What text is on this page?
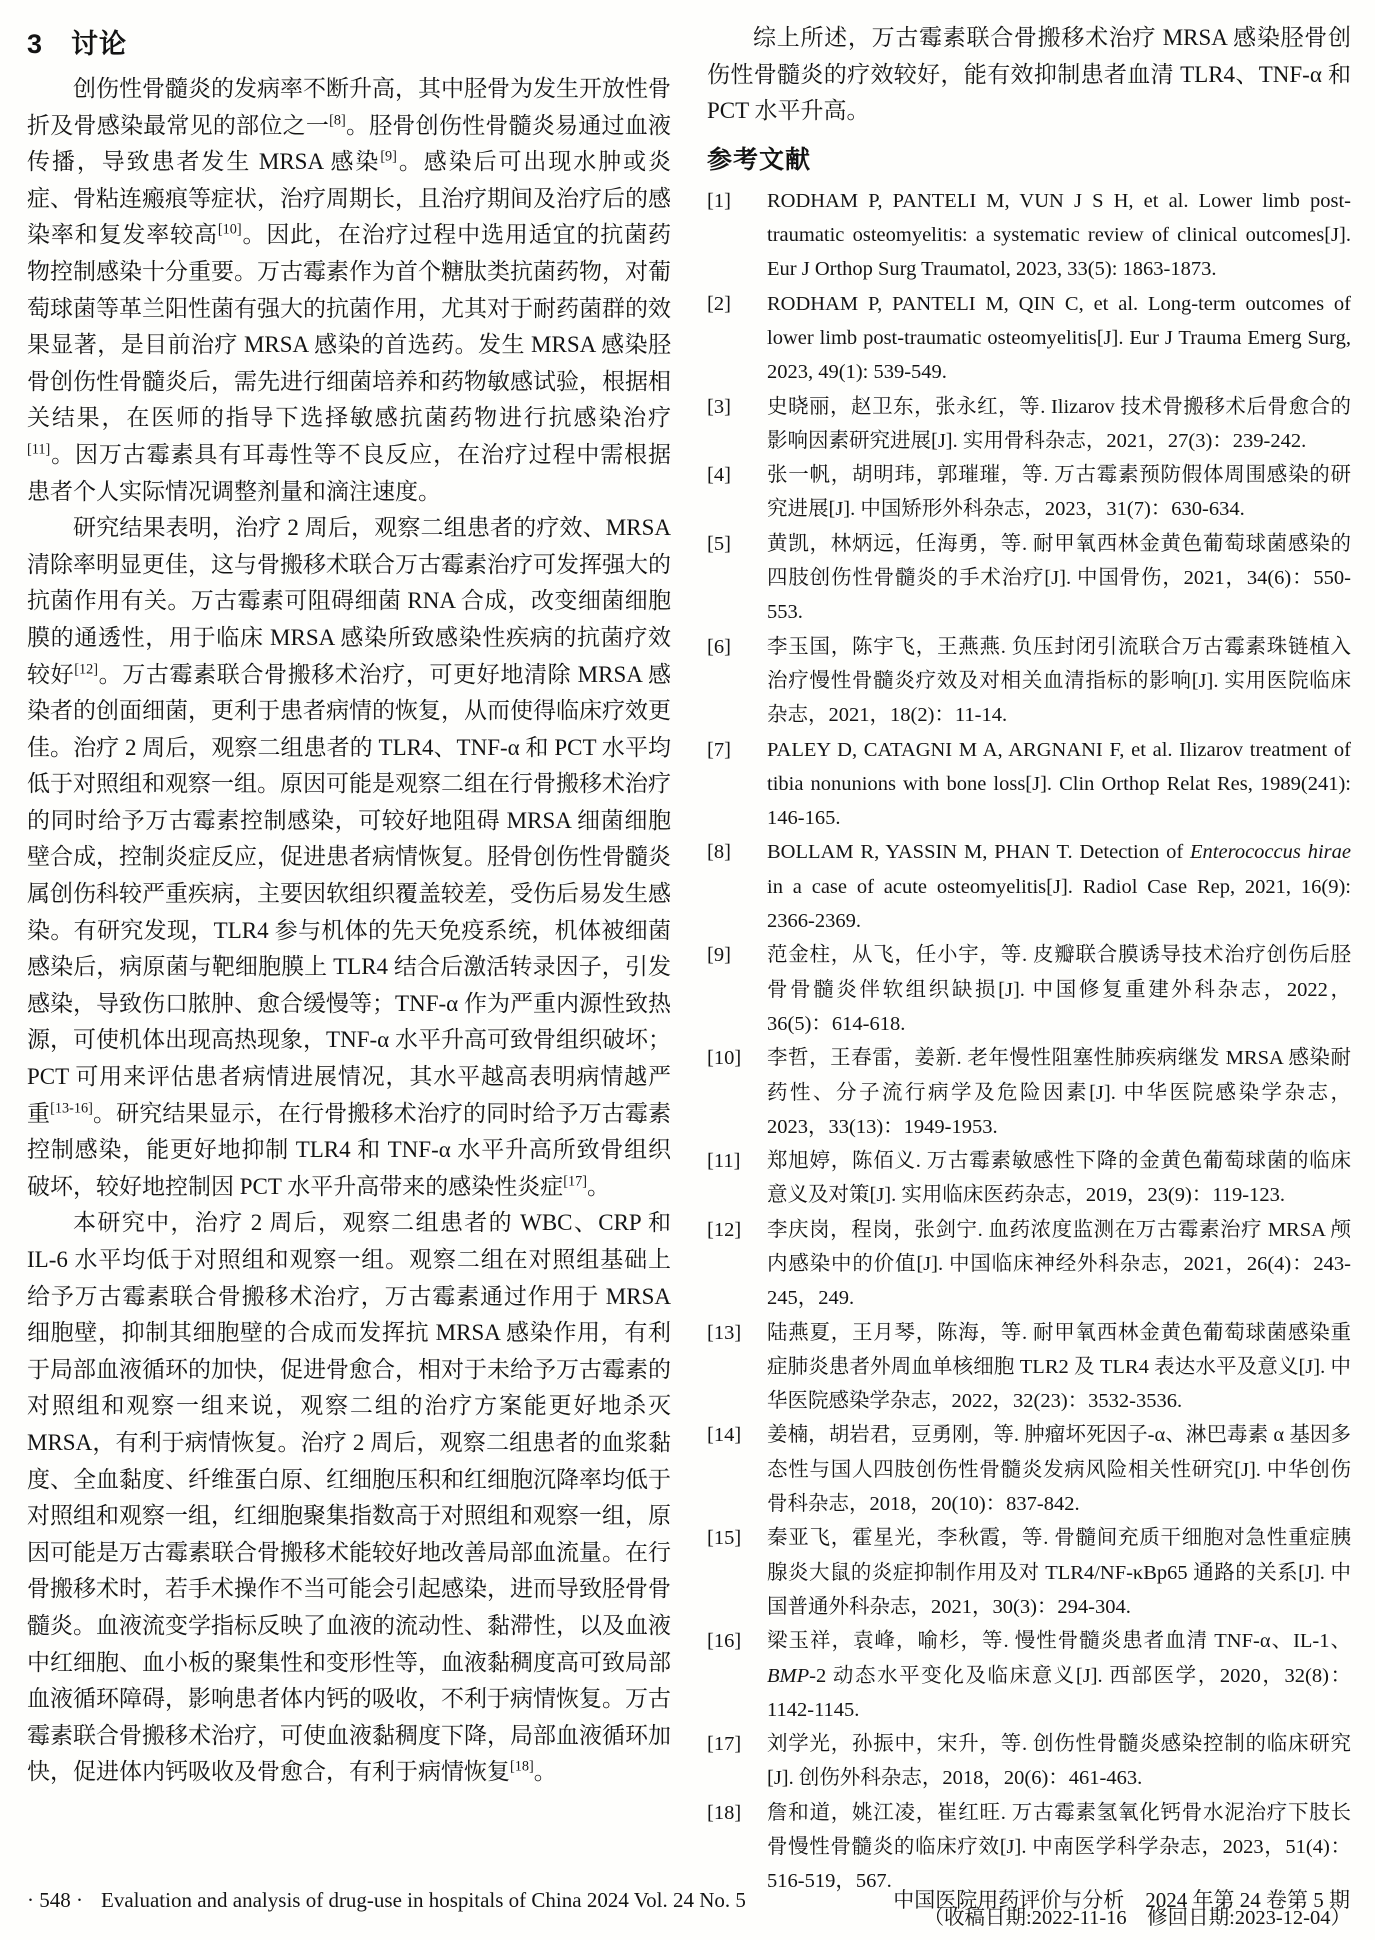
3　讨论

创伤性骨髓炎的发病率不断升高，其中胫骨为发生开放性骨折及骨感染最常见的部位之一[8]。胫骨创伤性骨髓炎易通过血液传播，导致患者发生 MRSA 感染[9]。感染后可出现水肿或炎症、骨粘连瘢痕等症状，治疗周期长，且治疗期间及治疗后的感染率和复发率较高[10]。因此，在治疗过程中选用适宜的抗菌药物控制感染十分重要。万古霉素作为首个糖肽类抗菌药物，对葡萄球菌等革兰阳性菌有强大的抗菌作用，尤其对于耐药菌群的效果显著，是目前治疗 MRSA 感染的首选药。发生 MRSA 感染胫骨创伤性骨髓炎后，需先进行细菌培养和药物敏感试验，根据相关结果，在医师的指导下选择敏感抗菌药物进行抗感染治疗[11]。因万古霉素具有耳毒性等不良反应，在治疗过程中需根据患者个人实际情况调整剂量和滴注速度。

研究结果表明，治疗 2 周后，观察二组患者的疗效、MRSA 清除率明显更佳，这与骨搬移术联合万古霉素治疗可发挥强大的抗菌作用有关。万古霉素可阻碍细菌 RNA 合成，改变细菌细胞膜的通透性，用于临床 MRSA 感染所致感染性疾病的抗菌疗效较好[12]。万古霉素联合骨搬移术治疗，可更好地清除 MRSA 感染者的创面细菌，更利于患者病情的恢复，从而使得临床疗效更佳。治疗 2 周后，观察二组患者的 TLR4、TNF-α 和 PCT 水平均低于对照组和观察一组。原因可能是观察二组在行骨搬移术治疗的同时给予万古霉素控制感染，可较好地阻碍 MRSA 细菌细胞壁合成，控制炎症反应，促进患者病情恢复。胫骨创伤性骨髓炎属创伤科较严重疾病，主要因软组织覆盖较差，受伤后易发生感染。有研究发现，TLR4 参与机体的先天免疫系统，机体被细菌感染后，病原菌与靶细胞膜上 TLR4 结合后激活转录因子，引发感染，导致伤口脓肿、愈合缓慢等；TNF-α 作为严重内源性致热源，可使机体出现高热现象，TNF-α 水平升高可致骨组织破坏；PCT 可用来评估患者病情进展情况，其水平越高表明病情越严重[13-16]。研究结果显示，在行骨搬移术治疗的同时给予万古霉素控制感染，能更好地抑制 TLR4 和 TNF-α 水平升高所致骨组织破坏，较好地控制因 PCT 水平升高带来的感染性炎症[17]。

本研究中，治疗 2 周后，观察二组患者的 WBC、CRP 和 IL-6 水平均低于对照组和观察一组。观察二组在对照组基础上给予万古霉素联合骨搬移术治疗，万古霉素通过作用于 MRSA 细胞壁，抑制其细胞壁的合成而发挥抗 MRSA 感染作用，有利于局部血液循环的加快，促进骨愈合，相对于未给予万古霉素的对照组和观察一组来说，观察二组的治疗方案能更好地杀灭 MRSA，有利于病情恢复。治疗 2 周后，观察二组患者的血浆黏度、全血黏度、纤维蛋白原、红细胞压积和红细胞沉降率均低于对照组和观察一组，红细胞聚集指数高于对照组和观察一组，原因可能是万古霉素联合骨搬移术能较好地改善局部血流量。在行骨搬移术时，若手术操作不当可能会引起感染，进而导致胫骨骨髓炎。血液流变学指标反映了血液的流动性、黏滞性，以及血液中红细胞、血小板的聚集性和变形性等，血液黏稠度高可致局部血液循环障碍，影响患者体内钙的吸收，不利于病情恢复。万古霉素联合骨搬移术治疗，可使血液黏稠度下降，局部血液循环加快，促进体内钙吸收及骨愈合，有利于病情恢复[18]。

综上所述，万古霉素联合骨搬移术治疗 MRSA 感染胫骨创伤性骨髓炎的疗效较好，能有效抑制患者血清 TLR4、TNF-α 和 PCT 水平升高。

参考文献
[1]	RODHAM P, PANTELI M, VUN J S H, et al. Lower limb post-traumatic osteomyelitis: a systematic review of clinical outcomes[J]. Eur J Orthop Surg Traumatol, 2023, 33(5): 1863-1873.
[2]	RODHAM P, PANTELI M, QIN C, et al. Long-term outcomes of lower limb post-traumatic osteomyelitis[J]. Eur J Trauma Emerg Surg, 2023, 49(1): 539-549.
[3]	史晓丽，赵卫东，张永红，等. Ilizarov 技术骨搬移术后骨愈合的影响因素研究进展[J]. 实用骨科杂志，2021，27(3)：239-242.
[4]	张一帆，胡明玮，郭璀璀，等. 万古霉素预防假体周围感染的研究进展[J]. 中国矫形外科杂志，2023，31(7)：630-634.
[5]	黄凯，林炳远，任海勇，等. 耐甲氧西林金黄色葡萄球菌感染的四肢创伤性骨髓炎的手术治疗[J]. 中国骨伤，2021，34(6)：550-553.
[6]	李玉国，陈宇飞，王燕燕. 负压封闭引流联合万古霉素珠链植入治疗慢性骨髓炎疗效及对相关血清指标的影响[J]. 实用医院临床杂志，2021，18(2)：11-14.
[7]	PALEY D, CATAGNI M A, ARGNANI F, et al. Ilizarov treatment of tibia nonunions with bone loss[J]. Clin Orthop Relat Res, 1989(241): 146-165.
[8]	BOLLAM R, YASSIN M, PHAN T. Detection of Enterococcus hirae in a case of acute osteomyelitis[J]. Radiol Case Rep, 2021, 16(9): 2366-2369.
[9]	范金柱，从飞，任小宇，等. 皮瓣联合膜诱导技术治疗创伤后胫骨骨髓炎伴软组织缺损[J]. 中国修复重建外科杂志，2022，36(5)：614-618.
[10]	李哲，王春雷，姜新. 老年慢性阻塞性肺疾病继发 MRSA 感染耐药性、分子流行病学及危险因素[J]. 中华医院感染学杂志，2023，33(13)：1949-1953.
[11]	郑旭婷，陈佰义. 万古霉素敏感性下降的金黄色葡萄球菌的临床意义及对策[J]. 实用临床医药杂志，2019，23(9)：119-123.
[12]	李庆岗，程岗，张剑宁. 血药浓度监测在万古霉素治疗 MRSA 颅内感染中的价值[J]. 中国临床神经外科杂志，2021，26(4)：243-245，249.
[13]	陆燕夏，王月琴，陈海，等. 耐甲氧西林金黄色葡萄球菌感染重症肺炎患者外周血单核细胞 TLR2 及 TLR4 表达水平及意义[J]. 中华医院感染学杂志，2022，32(23)：3532-3536.
[14]	姜楠，胡岩君，豆勇刚，等. 肿瘤坏死因子-α、淋巴毒素 α 基因多态性与国人四肢创伤性骨髓炎发病风险相关性研究[J]. 中华创伤骨科杂志，2018，20(10)：837-842.
[15]	秦亚飞，霍星光，李秋霞，等. 骨髓间充质干细胞对急性重症胰腺炎大鼠的炎症抑制作用及对 TLR4/NF-κBp65 通路的关系[J]. 中国普通外科杂志，2021，30(3)：294-304.
[16]	梁玉祥，袁峰，喻杉，等. 慢性骨髓炎患者血清 TNF-α、IL-1、BMP-2 动态水平变化及临床意义[J]. 西部医学，2020，32(8)：1142-1145.
[17]	刘学光，孙振中，宋升，等. 创伤性骨髓炎感染控制的临床研究[J]. 创伤外科杂志，2018，20(6)：461-463.
[18]	詹和道，姚江凌，崔红旺. 万古霉素氢氧化钙骨水泥治疗下肢长骨慢性骨髓炎的临床疗效[J]. 中南医学科学杂志，2023，51(4)：516-519，567.
（收稿日期:2022-11-16　修回日期:2023-12-04）
· 548 · Evaluation and analysis of drug-use in hospitals of China 2024 Vol. 24 No. 5	中国医院用药评价与分析　2024 年第 24 卷第 5 期
